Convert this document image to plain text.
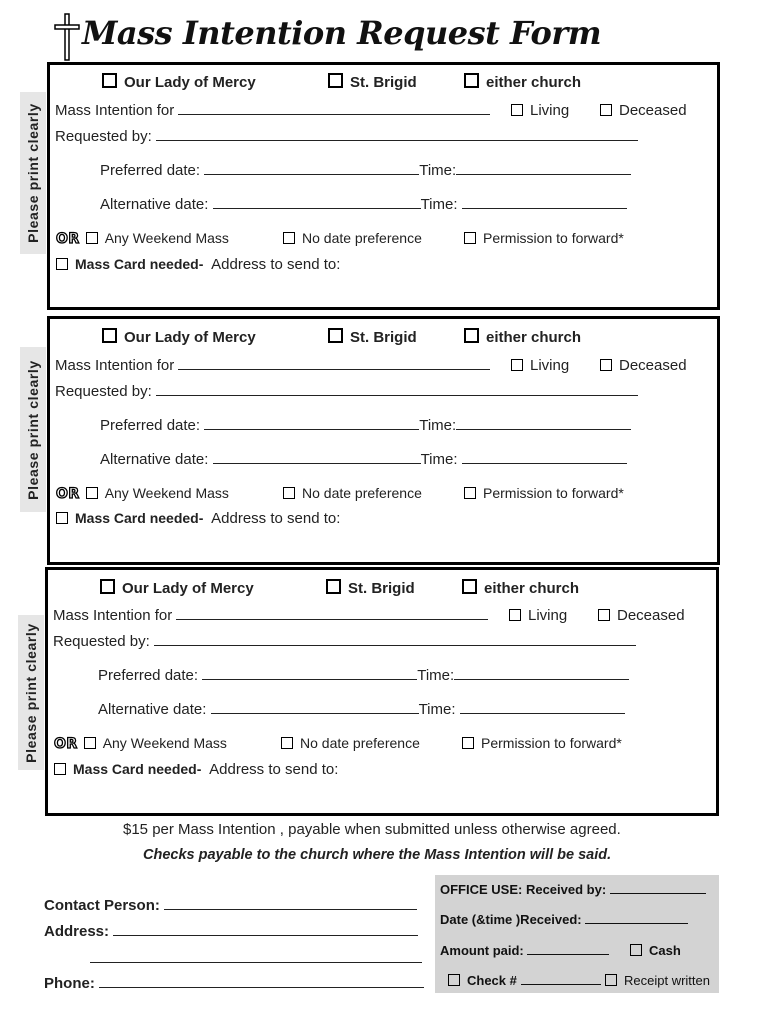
Mass Intention Request Form
Please print clearly
Our Lady of Mercy	St. Brigid	either church
Mass Intention for	Living	Deceased
Requested by:
Preferred date:	Time:
Alternative date:	Time:
OR Any Weekend Mass	No date preference	Permission to forward*
Mass Card needed- Address to send to:
Please print clearly
Our Lady of Mercy	St. Brigid	either church
Mass Intention for	Living	Deceased
Requested by:
Preferred date:	Time:
Alternative date:	Time:
OR Any Weekend Mass	No date preference	Permission to forward*
Mass Card needed- Address to send to:
Please print clearly
Our Lady of Mercy	St. Brigid	either church
Mass Intention for	Living	Deceased
Requested by:
Preferred date:	Time:
Alternative date:	Time:
OR Any Weekend Mass	No date preference	Permission to forward*
Mass Card needed- Address to send to:
$15 per Mass Intention , payable when submitted unless otherwise agreed.
Checks payable to the church where the Mass Intention will be said.
Contact Person:
Address:
Phone:
OFFICE USE: Received by:
Date (&time )Received:
Amount paid:	Cash
Check #	Receipt written
